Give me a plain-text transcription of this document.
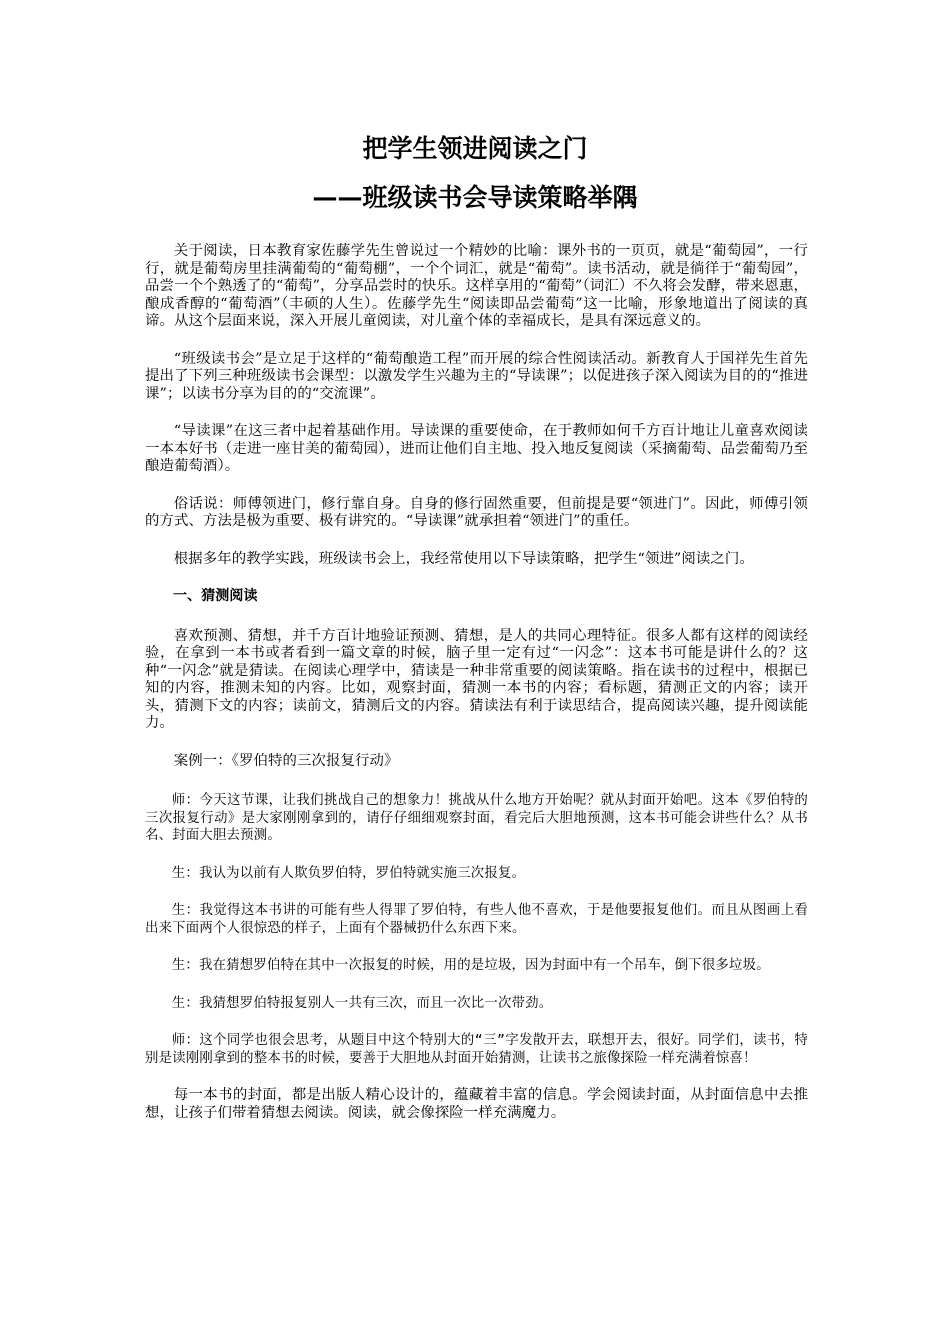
把学生领进阅读之门
——班级读书会导读策略举隅

关于阅读，日本教育家佐藤学先生曾说过一个精妙的比喻：课外书的一页页，就是“葡萄园”，一行行，就是葡萄房里挂满葡萄的“葡萄棚”，一个个词汇，就是“葡萄”。读书活动，就是徜徉于“葡萄园”，品尝一个个熟透了的“葡萄”，分享品尝时的快乐。这样享用的“葡萄”（词汇）不久将会发酵，带来恩惠，酿成香醇的“葡萄酒”（丰硕的人生）。佐藤学先生“阅读即品尝葡萄”这一比喻，形象地道出了阅读的真谛。从这个层面来说，深入开展儿童阅读，对儿童个体的幸福成长，是具有深远意义的。

“班级读书会”是立足于这样的“葡萄酿造工程”而开展的综合性阅读活动。新教育人于国祥先生首先提出了下列三种班级读书会课型：以激发学生兴趣为主的“导读课”；以促进孩子深入阅读为目的的“推进课”；以读书分享为目的的“交流课”。

“导读课”在这三者中起着基础作用。导读课的重要使命，在于教师如何千方百计地让儿童喜欢阅读一本本好书（走进一座甘美的葡萄园），进而让他们自主地、投入地反复阅读（采摘葡萄、品尝葡萄乃至酿造葡萄酒）。

俗话说：师傅领进门，修行靠自身。自身的修行固然重要，但前提是要“领进门”。因此，师傅引领的方式、方法是极为重要、极有讲究的。“导读课”就承担着“领进门”的重任。

根据多年的教学实践，班级读书会上，我经常使用以下导读策略，把学生“领进”阅读之门。

一、猜测阅读

喜欢预测、猜想，并千方百计地验证预测、猜想，是人的共同心理特征。很多人都有这样的阅读经验，在拿到一本书或者看到一篇文章的时候，脑子里一定有过“一闪念”：这本书可能是讲什么的？这种“一闪念”就是猜读。在阅读心理学中，猜读是一种非常重要的阅读策略。指在读书的过程中，根据已知的内容，推测未知的内容。比如，观察封面，猜测一本书的内容；看标题，猜测正文的内容；读开头，猜测下文的内容；读前文，猜测后文的内容。猜读法有利于读思结合，提高阅读兴趣，提升阅读能力。

案例一：《罗伯特的三次报复行动》

师：今天这节课，让我们挑战自己的想象力！挑战从什么地方开始呢？就从封面开始吧。这本《罗伯特的三次报复行动》是大家刚刚拿到的，请仔仔细细观察封面，看完后大胆地预测，这本书可能会讲些什么？从书名、封面大胆去预测。

生：我认为以前有人欺负罗伯特，罗伯特就实施三次报复。

生：我觉得这本书讲的可能有些人得罪了罗伯特，有些人他不喜欢，于是他要报复他们。而且从图画上看出来下面两个人很惊恐的样子，上面有个器械扔什么东西下来。

生：我在猜想罗伯特在其中一次报复的时候，用的是垃圾，因为封面中有一个吊车，倒下很多垃圾。

生：我猜想罗伯特报复别人一共有三次，而且一次比一次带劲。

师：这个同学也很会思考，从题目中这个特别大的“三”字发散开去，联想开去，很好。同学们，读书，特别是读刚刚拿到的整本书的时候，要善于大胆地从封面开始猜测，让读书之旅像探险一样充满着惊喜！

每一本书的封面，都是出版人精心设计的，蕴藏着丰富的信息。学会阅读封面，从封面信息中去推想，让孩子们带着猜想去阅读。阅读，就会像探险一样充满魔力。
